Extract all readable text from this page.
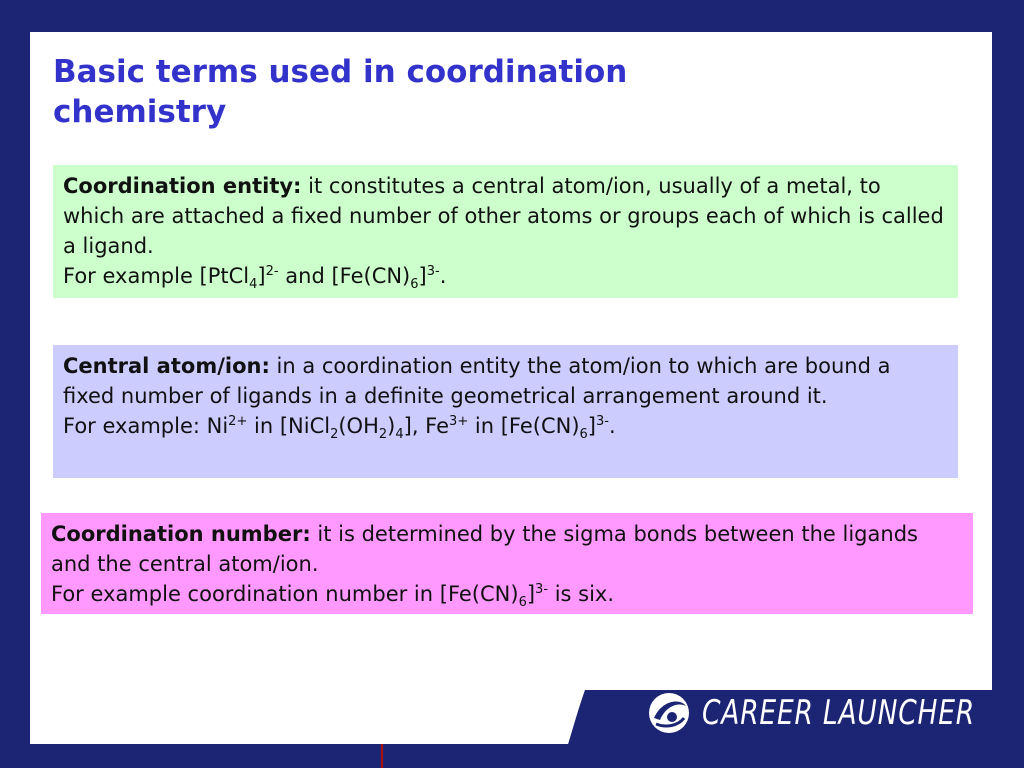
Basic terms used in coordination chemistry
Coordination entity: it constitutes a central atom/ion, usually of a metal, to which are attached a fixed number of other atoms or groups each of which is called a ligand.
For example [PtCl$_4$]$^{2-}$ and $[Fe(CN)_6]^{3-}$.
Central atom/ion: in a coordination entity the atom/ion to which are bound a fixed number of ligands in a definite geometrical arrangement around it.
For example: $Ni^{2+}$ in $[NiCl_2(OH_2)_4]$, $Fe^{3+}$ in $[Fe(CN)_6]^{3-}$.
Coordination number: it is determined by the sigma bonds between the ligands and the central atom/ion.
For example coordination number in $[Fe(CN)_6]^{3-}$ is six.
CAREER LAUNCHER
